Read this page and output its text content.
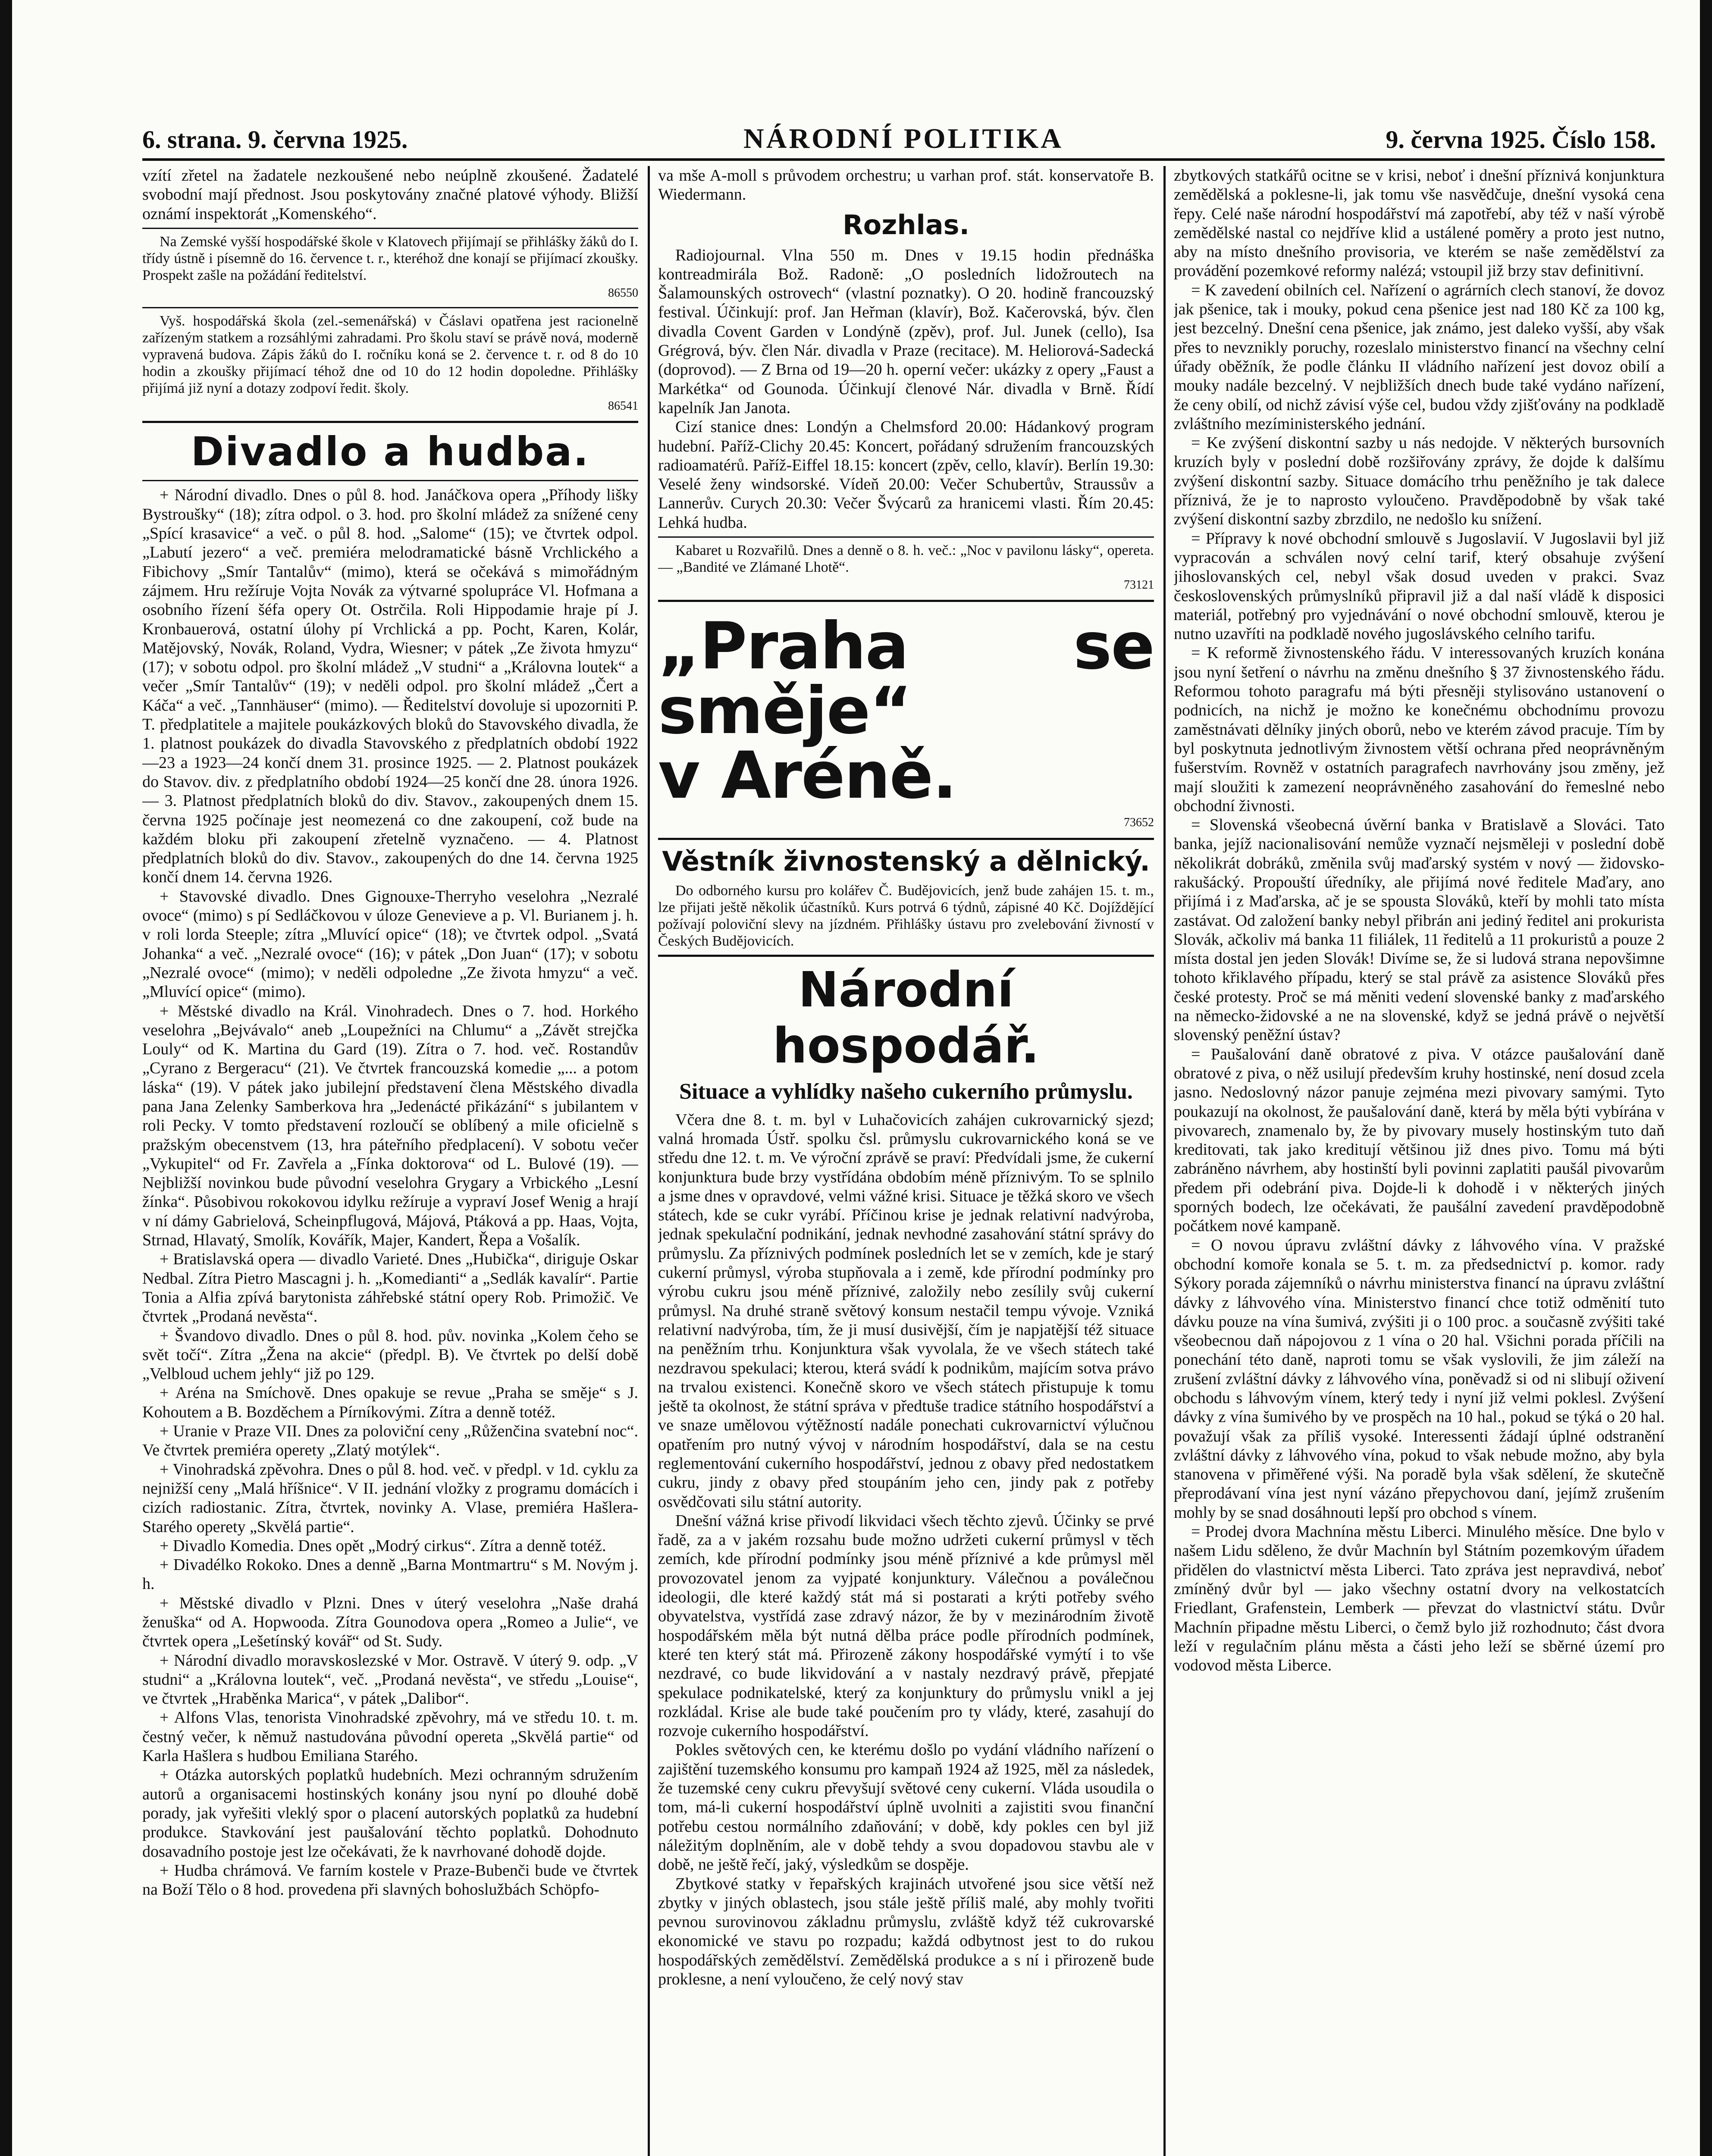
6. strana. 9. června 1925.	NÁRODNÍ POLITIKA	9. června 1925. Číslo 158.

vzítí zřetel na žadatele nezkoušené nebo neúplně zkoušené. Žadatelé svobodní mají přednost. Jsou poskytovány značné platové výhody. Bližší oznámí inspektorát „Komenského“.

Na Zemské vyšší hospodářské škole v Klatovech přijímají se přihlášky žáků do I. třídy ústně i písemně do 16. července t. r., kteréhož dne konají se přijímací zkoušky. Prospekt zašle na požádání ředitelství.

86550

Vyš. hospodářská škola (zel.-semenářská) v Čáslavi opatřena jest racionelně zařízeným statkem a rozsáhlými zahradami. Pro školu staví se právě nová, moderně vypravená budova. Zápis žáků do I. ročníku koná se 2. července t. r. od 8 do 10 hodin a zkoušky přijímací téhož dne od 10 do 12 hodin dopoledne. Přihlášky přijímá již nyní a dotazy zodpoví ředit. školy.

86541
Divadlo a hudba.

+ Národní divadlo. Dnes o půl 8. hod. Janáčkova opera „Příhody lišky Bystroušky“ (18); zítra odpol. o 3. hod. pro školní mládež za snížené ceny „Spící krasavice“ a več. o půl 8. hod. „Salome“ (15); ve čtvrtek odpol. „Labutí jezero“ a več. premiéra melodramatické básně Vrchlického a Fibichovy „Smír Tantalův“ (mimo), která se očekává s mimořádným zájmem. Hru režíruje Vojta Novák za výtvarné spolupráce Vl. Hofmana a osobního řízení šéfa opery Ot. Ostrčila. Roli Hippodamie hraje pí J. Kronbauerová, ostatní úlohy pí Vrchlická a pp. Pocht, Karen, Kolár, Matějovský, Novák, Roland, Vydra, Wiesner; v pátek „Ze života hmyzu“ (17); v sobotu odpol. pro školní mládež „V studni“ a „Královna loutek“ a večer „Smír Tantalův“ (19); v neděli odpol. pro školní mládež „Čert a Káča“ a več. „Tannhäuser“ (mimo). — Ředitelství dovoluje si upozorniti P. T. předplatitele a majitele poukázkových bloků do Stavovského divadla, že 1. platnost poukázek do divadla Stavovského z předplatních období 1922—23 a 1923—24 končí dnem 31. prosince 1925. — 2. Platnost poukázek do Stavov. div. z předplatního období 1924—25 končí dne 28. února 1926. — 3. Platnost předplatních bloků do div. Stavov., zakoupených dnem 15. června 1925 počínaje jest neomezená co dne zakoupení, což bude na každém bloku při zakoupení zřetelně vyznačeno. — 4. Platnost předplatních bloků do div. Stavov., zakoupených do dne 14. června 1925 končí dnem 14. června 1926.

+ Stavovské divadlo. Dnes Gignouxe-Therryho veselohra „Nezralé ovoce“ (mimo) s pí Sedláčkovou v úloze Genevieve a p. Vl. Burianem j. h. v roli lorda Steeple; zítra „Mluvící opice“ (18); ve čtvrtek odpol. „Svatá Johanka“ a več. „Nezralé ovoce“ (16); v pátek „Don Juan“ (17); v sobotu „Nezralé ovoce“ (mimo); v neděli odpoledne „Ze života hmyzu“ a več. „Mluvící opice“ (mimo).

+ Městské divadlo na Král. Vinohradech. Dnes o 7. hod. Horkého veselohra „Bejvávalo“ aneb „Loupežníci na Chlumu“ a „Závět strejčka Louly“ od K. Martina du Gard (19). Zítra o 7. hod. več. Rostandův „Cyrano z Bergeracu“ (21). Ve čtvrtek francouzská komedie „... a potom láska“ (19). V pátek jako jubilejní představení člena Městského divadla pana Jana Zelenky Samberkova hra „Jedenácté přikázání“ s jubilantem v roli Pecky. V tomto představení rozloučí se oblíbený a mile oficielně s pražským obecenstvem (13, hra páteřního předplacení). V sobotu večer „Vykupitel“ od Fr. Zavřela a „Fínka doktorova“ od L. Bulové (19). — Nejbližší novinkou bude původní veselohra Grygary a Vrbického „Lesní žínka“. Působivou rokokovou idylku režíruje a vypraví Josef Wenig a hrají v ní dámy Gabrielová, Scheinpflugová, Májová, Ptáková a pp. Haas, Vojta, Strnad, Hlavatý, Smolík, Kovářík, Majer, Kandert, Řepa a Vošalík.

+ Bratislavská opera — divadlo Varieté. Dnes „Hubička“, diriguje Oskar Nedbal. Zítra Pietro Mascagni j. h. „Komedianti“ a „Sedlák kavalír“. Partie Tonia a Alfia zpívá barytonista záhřebské státní opery Rob. Primožič. Ve čtvrtek „Prodaná nevěsta“.

+ Švandovo divadlo. Dnes o půl 8. hod. pův. novinka „Kolem čeho se svět točí“. Zítra „Žena na akcie“ (předpl. B). Ve čtvrtek po delší době „Velbloud uchem jehly“ již po 129.

+ Aréna na Smíchově. Dnes opakuje se revue „Praha se směje“ s J. Kohoutem a B. Bozděchem a Pírníkovými. Zítra a denně totéž.

+ Uranie v Praze VII. Dnes za poloviční ceny „Růženčina svatební noc“. Ve čtvrtek premiéra operety „Zlatý motýlek“.

+ Vinohradská zpěvohra. Dnes o půl 8. hod. več. v předpl. v 1d. cyklu za nejnižší ceny „Malá hříšnice“. V II. jednání vložky z programu domácích i cizích radiostanic. Zítra, čtvrtek, novinky A. Vlase, premiéra Hašlera-Starého operety „Skvělá partie“.

+ Divadlo Komedia. Dnes opět „Modrý cirkus“. Zítra a denně totéž.

+ Divadélko Rokoko. Dnes a denně „Barna Montmartru“ s M. Novým j. h.

+ Městské divadlo v Plzni. Dnes v úterý veselohra „Naše drahá ženuška“ od A. Hopwooda. Zítra Gounodova opera „Romeo a Julie“, ve čtvrtek opera „Lešetínský kovář“ od St. Sudy.

+ Národní divadlo moravskoslezské v Mor. Ostravě. V úterý 9. odp. „V studni“ a „Královna loutek“, več. „Prodaná nevěsta“, ve středu „Louise“, ve čtvrtek „Hraběnka Marica“, v pátek „Dalibor“.

+ Alfons Vlas, tenorista Vinohradské zpěvohry, má ve středu 10. t. m. čestný večer, k němuž nastudována původní opereta „Skvělá partie“ od Karla Hašlera s hudbou Emiliana Starého.

+ Otázka autorských poplatků hudebních. Mezi ochranným sdružením autorů a organisacemi hostinských konány jsou nyní po dlouhé době porady, jak vyřešiti vleklý spor o placení autorských poplatků za hudební produkce. Stavkování jest paušalování těchto poplatků. Dohodnuto dosavadního postoje jest lze očekávati, že k navrhované dohodě dojde.

+ Hudba chrámová. Ve farním kostele v Praze-Bubenči bude ve čtvrtek na Boží Tělo o 8 hod. provedena při slavných bohoslužbách Schöpfo-

va mše A-moll s průvodem orchestru; u varhan prof. stát. konservatoře B. Wiedermann.

Rozhlas.

Radiojournal. Vlna 550 m. Dnes v 19.15 hodin přednáška kontreadmirála Bož. Radoně: „O posledních lidožroutech na Šalamounských ostrovech“ (vlastní poznatky). O 20. hodině francouzský festival. Účinkují: prof. Jan Heřman (klavír), Bož. Kačerovská, býv. člen divadla Covent Garden v Londýně (zpěv), prof. Jul. Junek (cello), Isa Grégrová, býv. člen Nár. divadla v Praze (recitace). M. Heliorová-Sadecká (doprovod). — Z Brna od 19—20 h. operní večer: ukázky z opery „Faust a Markétka“ od Gounoda. Účinkují členové Nár. divadla v Brně. Řídí kapelník Jan Janota.

Cizí stanice dnes: Londýn a Chelmsford 20.00: Hádankový program hudební. Paříž-Clichy 20.45: Koncert, pořádaný sdružením francouzských radioamatérů. Paříž-Eiffel 18.15: koncert (zpěv, cello, klavír). Berlín 19.30: Veselé ženy windsorské. Vídeň 20.00: Večer Schubertův, Straussův a Lannerův. Curych 20.30: Večer Švýcarů za hranicemi vlasti. Řím 20.45: Lehká hudba.

Kabaret u Rozvařilů. Dnes a denně o 8. h. več.: „Noc v pavilonu lásky“, opereta. — „Bandité ve Zlámané Lhotě“.

73121
„Praha se směje“
v Aréně.
73652
Věstník živnostenský a dělnický.

Do odborného kursu pro kolářev Č. Budějovicích, jenž bude zahájen 15. t. m., lze přijati ještě několik účastníků. Kurs potrvá 6 týdnů, zápisné 40 Kč. Dojíždějící požívají poloviční slevy na jízdném. Přihlášky ústavu pro zvelebování živností v Českých Budějovicích.

Národní hospodář.
Situace a vyhlídky našeho cukerního průmyslu.

Včera dne 8. t. m. byl v Luhačovicích zahájen cukrovarnický sjezd; valná hromada Ústř. spolku čsl. průmyslu cukrovarnického koná se ve středu dne 12. t. m. Ve výroční zprávě se praví: Předvídali jsme, že cukerní konjunktura bude brzy vystřídána obdobím méně příznivým. To se splnilo a jsme dnes v opravdové, velmi vážné krisi. Situace je těžká skoro ve všech státech, kde se cukr vyrábí. Příčinou krise je jednak relativní nadvýroba, jednak spekulační podnikání, jednak nevhodné zasahování státní správy do průmyslu. Za příznivých podmínek posledních let se v zemích, kde je starý cukerní průmysl, výroba stupňovala a i země, kde přírodní podmínky pro výrobu cukru jsou méně příznivé, založily nebo zesílily svůj cukerní průmysl. Na druhé straně světový konsum nestačil tempu vývoje. Vzniká relativní nadvýroba, tím, že ji musí dusivější, čím je napjatější též situace na peněžním trhu. Konjunktura však vyvolala, že ve všech státech také nezdravou spekulaci; kterou, která svádí k podnikům, majícím sotva právo na trvalou existenci. Konečně skoro ve všech státech přistupuje k tomu ještě ta okolnost, že státní správa v předtuše tradice státního hospodářství a ve snaze umělovou výtěžností nadále ponechati cukrovarnictví výlučnou opatřením pro nutný vývoj v národním hospodářství, dala se na cestu reglementování cukerního hospodářství, jednou z obavy před nedostatkem cukru, jindy z obavy před stoupáním jeho cen, jindy pak z potřeby osvědčovati silu státní autority.

Dnešní vážná krise přivodí likvidaci všech těchto zjevů. Účinky se prvé řadě, za a v jakém rozsahu bude možno udržeti cukerní průmysl v těch zemích, kde přírodní podmínky jsou méně příznivé a kde průmysl měl provozovatel jenom za vyjpaté konjunktury. Válečnou a poválečnou ideologii, dle které každý stát má si postarati a krýti potřeby svého obyvatelstva, vystřídá zase zdravý názor, že by v mezinárodním životě hospodářském měla být nutná dělba práce podle přírodních podmínek, které ten který stát má. Přirozeně zákony hospodářské vymýtí i to vše nezdravé, co bude likvidování a v nastaly nezdravý právě, přepjaté spekulace podnikatelské, který za konjunktury do průmyslu vnikl a jej rozkládal. Krise ale bude také poučením pro ty vlády, které, zasahují do rozvoje cukerního hospodářství.

Pokles světových cen, ke kterému došlo po vydání vládního nařízení o zajištění tuzemského konsumu pro kampaň 1924 až 1925, měl za následek, že tuzemské ceny cukru převyšují světové ceny cukerní. Vláda usoudila o tom, má-li cukerní hospodářství úplně uvolniti a zajistiti svou finanční potřebu cestou normálního zdaňování; v době, kdy pokles cen byl již náležitým doplněním, ale v době tehdy a svou dopadovou stavbu ale v době, ne ještě řečí, jaký, výsledkům se dospěje.

Zbytkové statky v řepařských krajinách utvořené jsou sice větší než zbytky v jiných oblastech, jsou stále ještě příliš malé, aby mohly tvořiti pevnou surovinovou základnu průmyslu, zvláště když též cukrovarské ekonomické ve stavu po rozpadu; každá odbytnost jest to do rukou hospodářských zemědělství. Zemědělská produkce a s ní i přirozeně bude proklesne, a není vyloučeno, že celý nový stav

zbytkových statkářů ocitne se v krisi, neboť i dnešní příznivá konjunktura zemědělská a poklesne-li, jak tomu vše nasvědčuje, dnešní vysoká cena řepy. Celé naše národní hospodářství má zapotřebí, aby též v naší výrobě zemědělské nastal co nejdříve klid a ustálené poměry a proto jest nutno, aby na místo dnešního provisoria, ve kterém se naše zemědělství za provádění pozemkové reformy nalézá; vstoupil již brzy stav definitivní.

= K zavedení obilních cel. Nařízení o agrárních clech stanoví, že dovoz jak pšenice, tak i mouky, pokud cena pšenice jest nad 180 Kč za 100 kg, jest bezcelný. Dnešní cena pšenice, jak známo, jest daleko vyšší, aby však přes to nevznikly poruchy, rozeslalo ministerstvo financí na všechny celní úřady oběžník, že podle článku II vládního nařízení jest dovoz obilí a mouky nadále bezcelný. V nejbližších dnech bude také vydáno nařízení, že ceny obilí, od nichž závisí výše cel, budou vždy zjišťovány na podkladě zvláštního mezíministerského jednání.

= Ke zvýšení diskontní sazby u nás nedojde. V některých bursovních kruzích byly v poslední době rozšiřovány zprávy, že dojde k dalšímu zvýšení diskontní sazby. Situace domácího trhu peněžního je tak dalece příznivá, že je to naprosto vyloučeno. Pravděpodobně by však také zvýšení diskontní sazby zbrzdilo, ne nedošlo ku snížení.

= Přípravy k nové obchodní smlouvě s Jugoslavií. V Jugoslavii byl již vypracován a schválen nový celní tarif, který obsahuje zvýšení jihoslovanských cel, nebyl však dosud uveden v prakci. Svaz československých průmyslníků připravil již a dal naší vládě k disposici materiál, potřebný pro vyjednávání o nové obchodní smlouvě, kterou je nutno uzavříti na podkladě nového jugoslávského celního tarifu.

= K reformě živnostenského řádu. V interessovaných kruzích konána jsou nyní šetření o návrhu na změnu dnešního § 37 živnostenského řádu. Reformou tohoto paragrafu má býti přesněji stylisováno ustanovení o podnicích, na nichž je možno ke konečnému obchodnímu provozu zaměstnávati dělníky jiných oborů, nebo ve kterém závod pracuje. Tím by byl poskytnuta jednotlivým živnostem větší ochrana před neoprávněným fušerstvím. Rovněž v ostatních paragrafech navrhovány jsou změny, jež mají sloužiti k zamezení neoprávněného zasahování do řemeslné nebo obchodní živnosti.

= Slovenská všeobecná úvěrní banka v Bratislavě a Slováci. Tato banka, jejíž nacionalisování nemůže vyznačí nejsměleji v poslední době několikrát dobráků, změnila svůj maďarský systém v nový — židovsko-rakušácký. Propouští úředníky, ale přijímá nové ředitele Maďary, ano přijímá i z Maďarska, ač je se spousta Slováků, kteří by mohli tato místa zastávat. Od založení banky nebyl přibrán ani jediný ředitel ani prokurista Slovák, ačkoliv má banka 11 filiálek, 11 ředitelů a 11 prokuristů a pouze 2 místa dostal jen jeden Slovák! Divíme se, že si ludová strana nepovšimne tohoto křiklavého případu, který se stal právě za asistence Slováků přes české protesty. Proč se má měniti vedení slovenské banky z maďarského na německo-židovské a ne na slovenské, když se jedná právě o největší slovenský peněžní ústav?

= Paušalování daně obratové z piva. V otázce paušalování daně obratové z piva, o něž usilují především kruhy hostinské, není dosud zcela jasno. Nedoslovný názor panuje zejména mezi pivovary samými. Tyto poukazují na okolnost, že paušalování daně, která by měla býti vybírána v pivovarech, znamenalo by, že by pivovary musely hostinským tuto daň kreditovati, tak jako kreditují většinou již dnes pivo. Tomu má býti zabráněno návrhem, aby hostinští byli povinni zaplatiti paušál pivovarům předem při odebrání piva. Dojde-li k dohodě i v některých jiných sporných bodech, lze očekávati, že paušální zavedení pravděpodobně počátkem nové kampaně.

= O novou úpravu zvláštní dávky z láhvového vína. V pražské obchodní komoře konala se 5. t. m. za předsednictví p. komor. rady Sýkory porada zájemníků o návrhu ministerstva financí na úpravu zvláštní dávky z láhvového vína. Ministerstvo financí chce totiž odměnití tuto dávku pouze na vína šumivá, zvýšiti ji o 100 proc. a současně zvýšiti také všeobecnou daň nápojovou z 1 vína o 20 hal. Všichni porada příčili na ponechání této daně, naproti tomu se však vyslovili, že jim záleží na zrušení zvláštní dávky z láhvového vína, poněvadž si od ni slibují oživení obchodu s láhvovým vínem, který tedy i nyní již velmi poklesl. Zvýšení dávky z vína šumivého by ve prospěch na 10 hal., pokud se týká o 20 hal. považují však za příliš vysoké. Interessenti žádají úplné odstranění zvláštní dávky z láhvového vína, pokud to však nebude možno, aby byla stanovena v přiměřené výši. Na poradě byla však sdělení, že skutečně přeprodávaní vína jest nyní vázáno přepychovou daní, jejímž zrušením mohly by se snad dosáhnouti lepší pro obchod s vínem.

= Prodej dvora Machnína městu Liberci. Minulého měsíce. Dne bylo v našem Lidu sděleno, že dvůr Machnín byl Státním pozemkovým úřadem přidělen do vlastnictví města Liberci. Tato zpráva jest nepravdivá, neboť zmíněný dvůr byl — jako všechny ostatní dvory na velkostatcích Friedlant, Grafenstein, Lemberk — převzat do vlastnictví státu. Dvůr Machnín připadne městu Liberci, o čemž bylo již rozhodnuto; část dvora leží v regulačním plánu města a části jeho leží se sběrné území pro vodovod města Liberce.
